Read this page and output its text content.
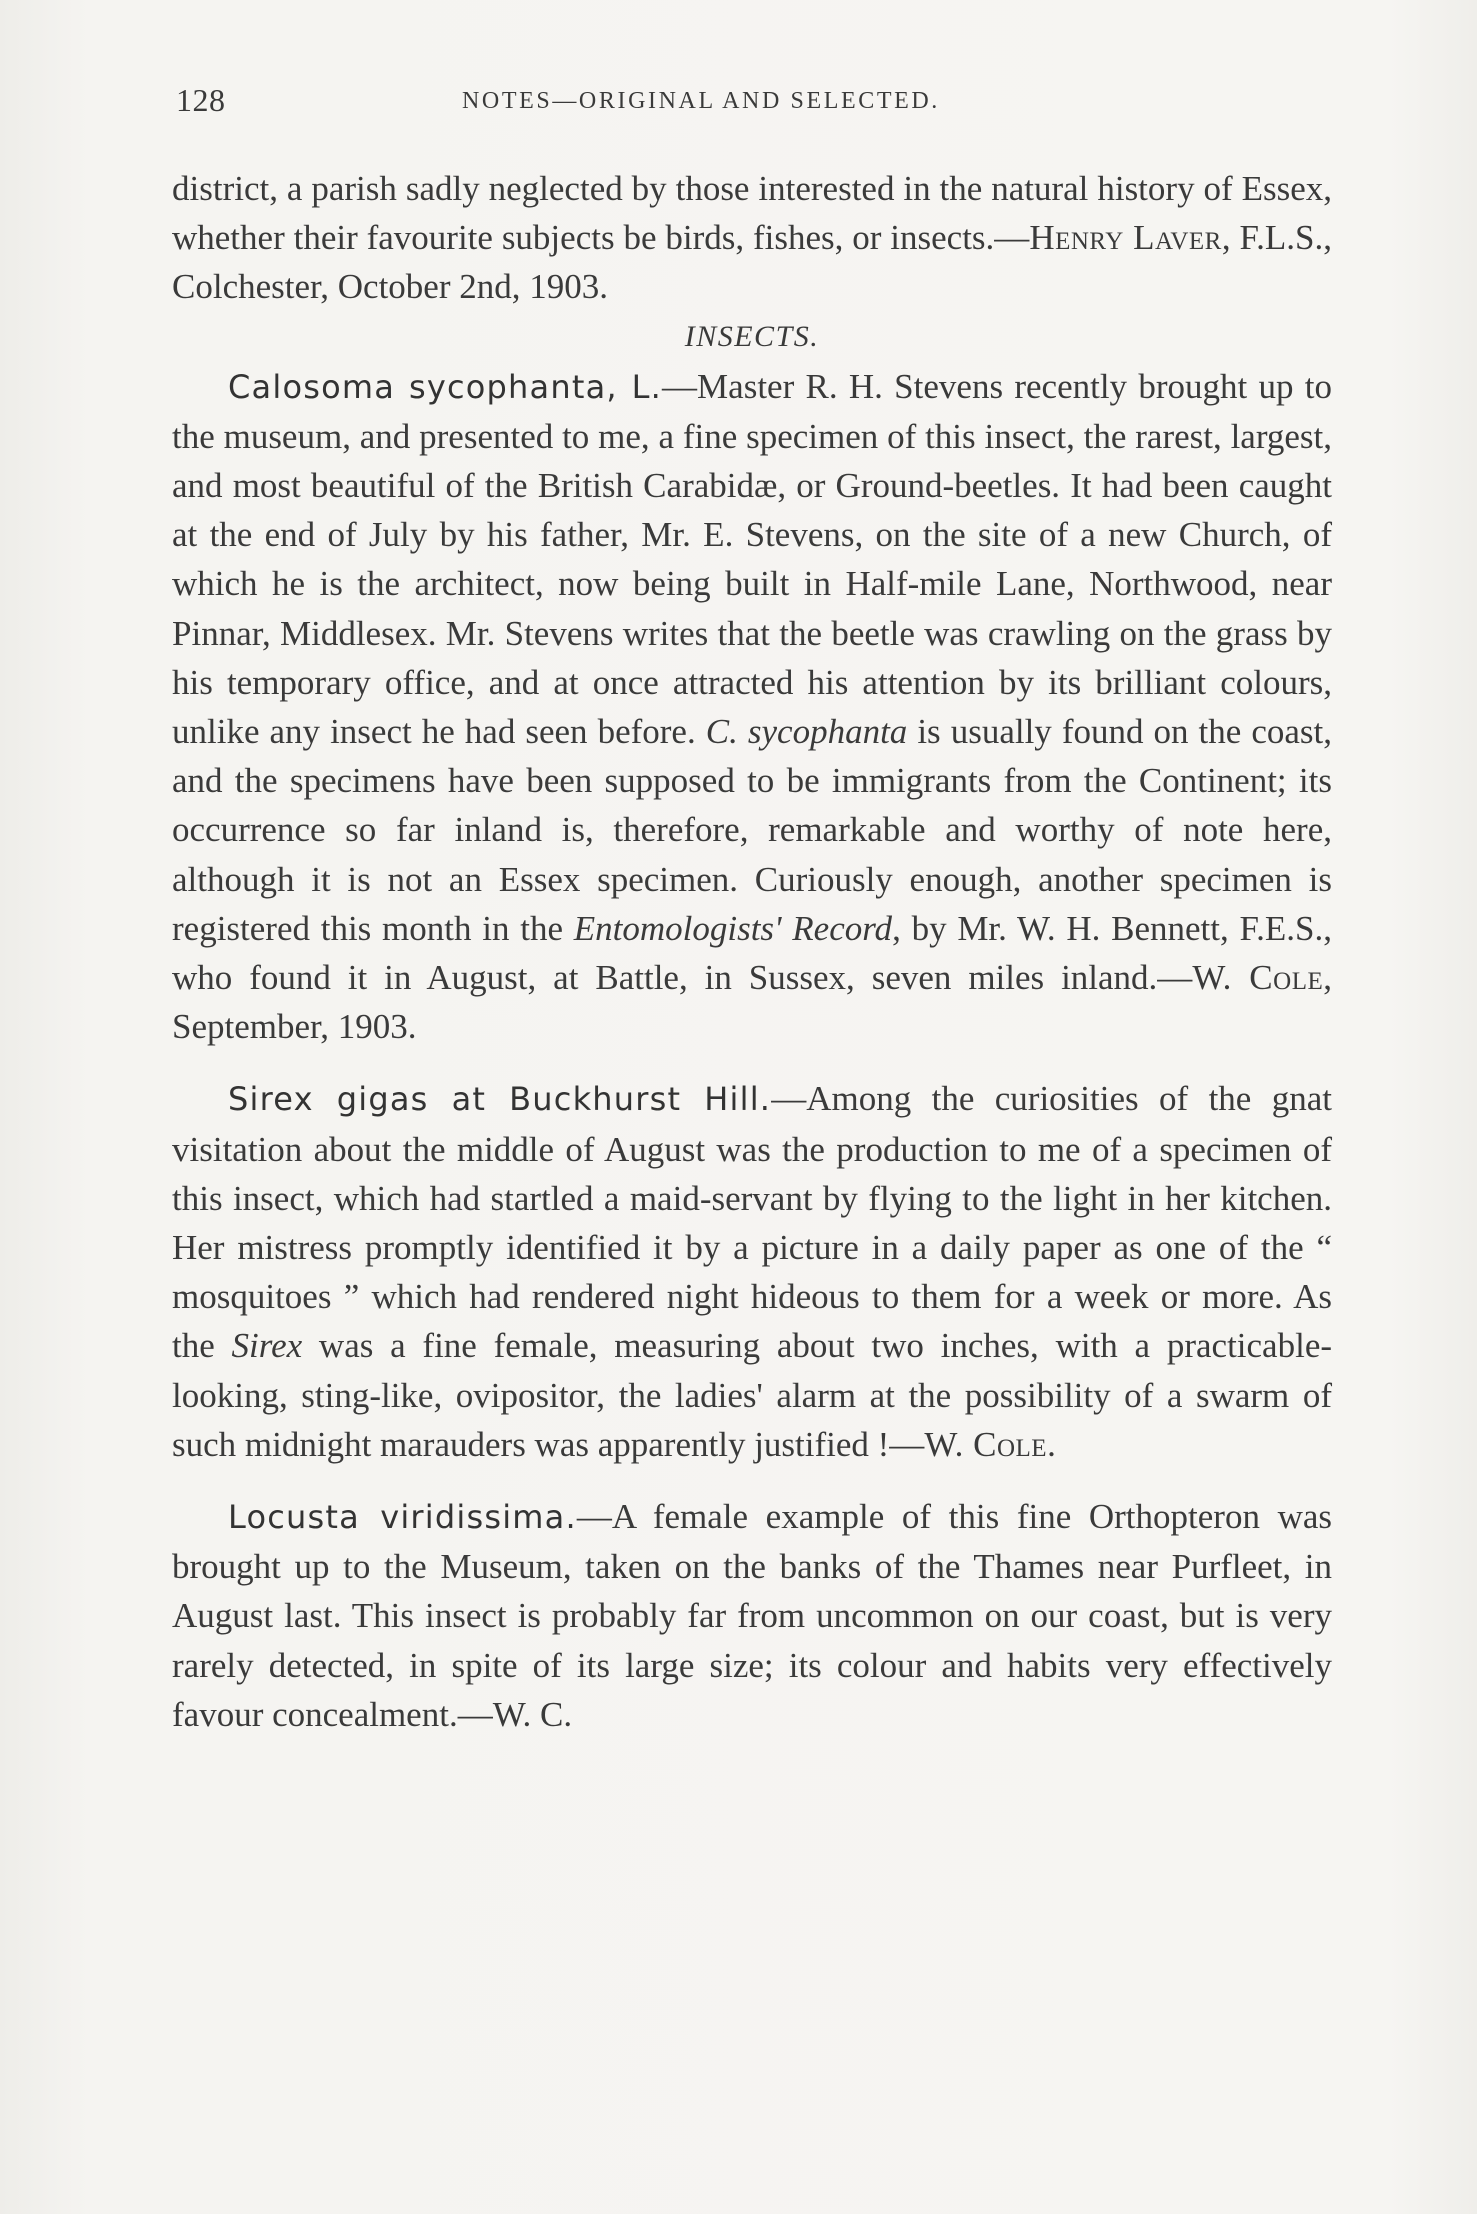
128	NOTES—ORIGINAL AND SELECTED.

district, a parish sadly neglected by those interested in the natural history of Essex, whether their favourite subjects be birds, fishes, or insects.—Henry Laver, F.L.S., Colchester, October 2nd, 1903.

INSECTS.

Calosoma sycophanta, L.—Master R. H. Stevens recently brought up to the museum, and presented to me, a fine specimen of this insect, the rarest, largest, and most beautiful of the British Carabidæ, or Ground-beetles. It had been caught at the end of July by his father, Mr. E. Stevens, on the site of a new Church, of which he is the architect, now being built in Half-mile Lane, Northwood, near Pinnar, Middlesex. Mr. Stevens writes that the beetle was crawling on the grass by his temporary office, and at once attracted his attention by its brilliant colours, unlike any insect he had seen before. C. sycophanta is usually found on the coast, and the specimens have been supposed to be immigrants from the Continent; its occurrence so far inland is, therefore, remarkable and worthy of note here, although it is not an Essex specimen. Curiously enough, another specimen is registered this month in the Entomologists' Record, by Mr. W. H. Bennett, F.E.S., who found it in August, at Battle, in Sussex, seven miles inland.—W. Cole, September, 1903.

Sirex gigas at Buckhurst Hill.—Among the curiosities of the gnat visitation about the middle of August was the production to me of a specimen of this insect, which had startled a maid-servant by flying to the light in her kitchen. Her mistress promptly identified it by a picture in a daily paper as one of the “ mosquitoes ” which had rendered night hideous to them for a week or more. As the Sirex was a fine female, measuring about two inches, with a practicable-looking, sting-like, ovipositor, the ladies' alarm at the possibility of a swarm of such midnight marauders was apparently justified !—W. Cole.

Locusta viridissima.—A female example of this fine Orthopteron was brought up to the Museum, taken on the banks of the Thames near Purfleet, in August last. This insect is probably far from uncommon on our coast, but is very rarely detected, in spite of its large size; its colour and habits very effectively favour concealment.—W. C.
